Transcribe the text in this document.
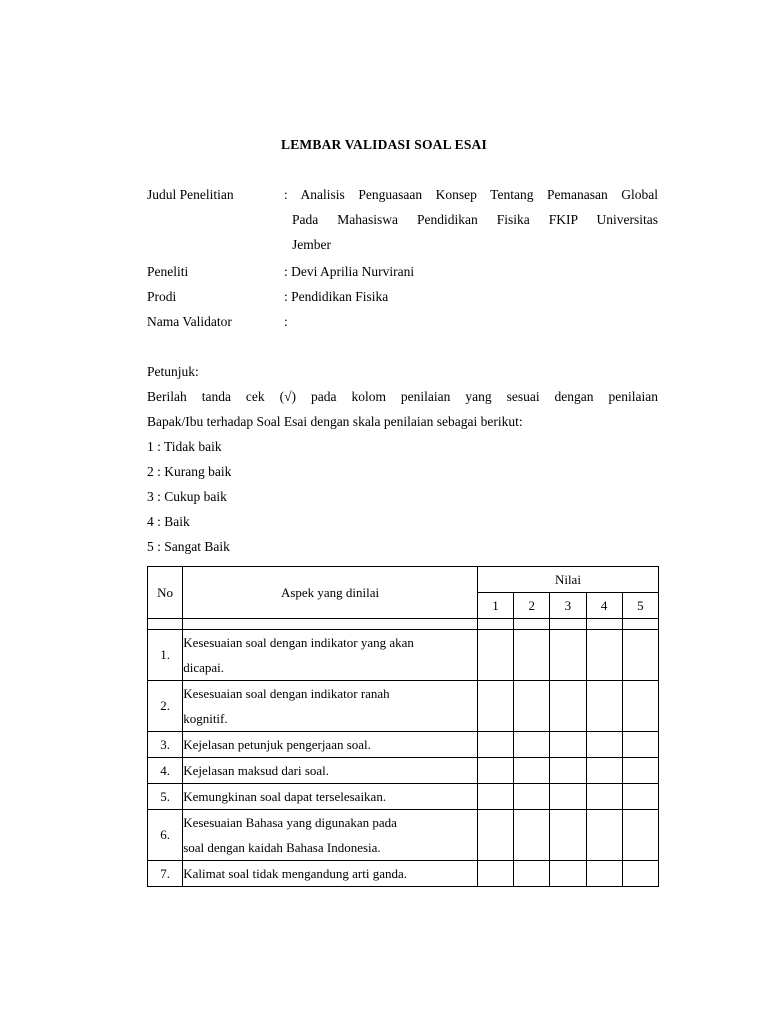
LEMBAR VALIDASI SOAL ESAI
Judul Penelitian	: Analisis Penguasaan Konsep Tentang Pemanasan Global
Pada Mahasiswa Pendidikan Fisika FKIP Universitas
Jember
Peneliti	: Devi Aprilia Nurvirani
Prodi	: Pendidikan Fisika
Nama Validator	:
Petunjuk:
Berilah tanda cek (√) pada kolom penilaian yang sesuai dengan penilaian
Bapak/Ibu terhadap Soal Esai dengan skala penilaian sebagai berikut:
1 : Tidak baik
2 : Kurang baik
3 : Cukup baik
4 : Baik
5 : Sangat Baik
No	Aspek yang dinilai	Nilai				
		1	2	3	4	5

1.	Kesesuaian soal dengan indikator yang akan
dicapai.					

2.	Kesesuaian soal dengan indikator ranah
kognitif.					

3.	Kejelasan petunjuk pengerjaan soal.					

4.	Kejelasan maksud dari soal.					

5.	Kemungkinan soal dapat terselesaikan.					

6.	Kesesuaian Bahasa yang digunakan pada
soal dengan kaidah Bahasa Indonesia.					

7.	Kalimat soal tidak mengandung arti ganda.					
